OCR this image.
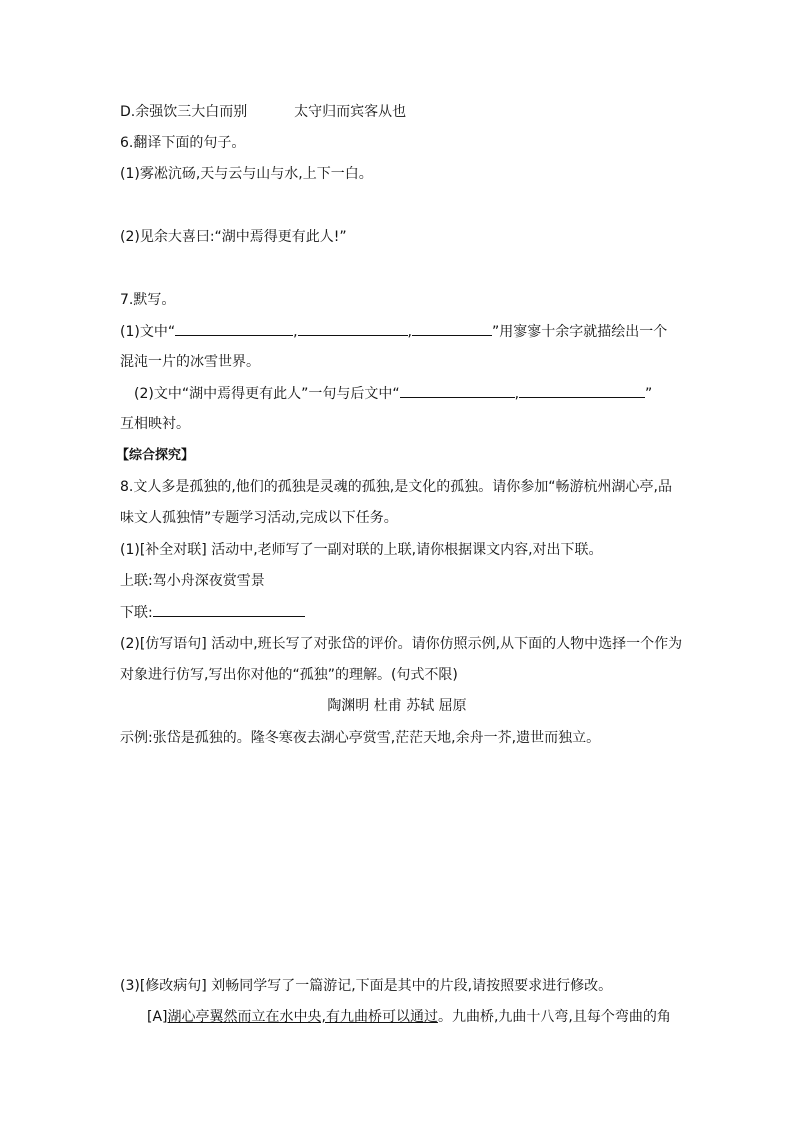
D.余强饮三大白而别	太守归而宾客从也
6.翻译下面的句子。
(1)雾凇沆砀,天与云与山与水,上下一白。
(2)见余大喜曰:“湖中焉得更有此人!”
7.默写。
(1)文中“	,	,	”用寥寥十余字就描绘出一个
混沌一片的冰雪世界。
(2)文中“湖中焉得更有此人”一句与后文中“	,	”
互相映衬。
【综合探究】
8.文人多是孤独的,他们的孤独是灵魂的孤独,是文化的孤独。请你参加“畅游杭州湖心亭,品
味文人孤独情”专题学习活动,完成以下任务。
(1)[补全对联] 活动中,老师写了一副对联的上联,请你根据课文内容,对出下联。
上联:驾小舟深夜赏雪景
下联:
(2)[仿写语句] 活动中,班长写了对张岱的评价。请你仿照示例,从下面的人物中选择一个作为
对象进行仿写,写出你对他的“孤独”的理解。(句式不限)
陶渊明 杜甫 苏轼 屈原
示例:张岱是孤独的。隆冬寒夜去湖心亭赏雪,茫茫天地,余舟一芥,遗世而独立。
(3)[修改病句] 刘畅同学写了一篇游记,下面是其中的片段,请按照要求进行修改。
[A]湖心亭翼然而立在水中央,有九曲桥可以通过。九曲桥,九曲十八弯,且每个弯曲的角
